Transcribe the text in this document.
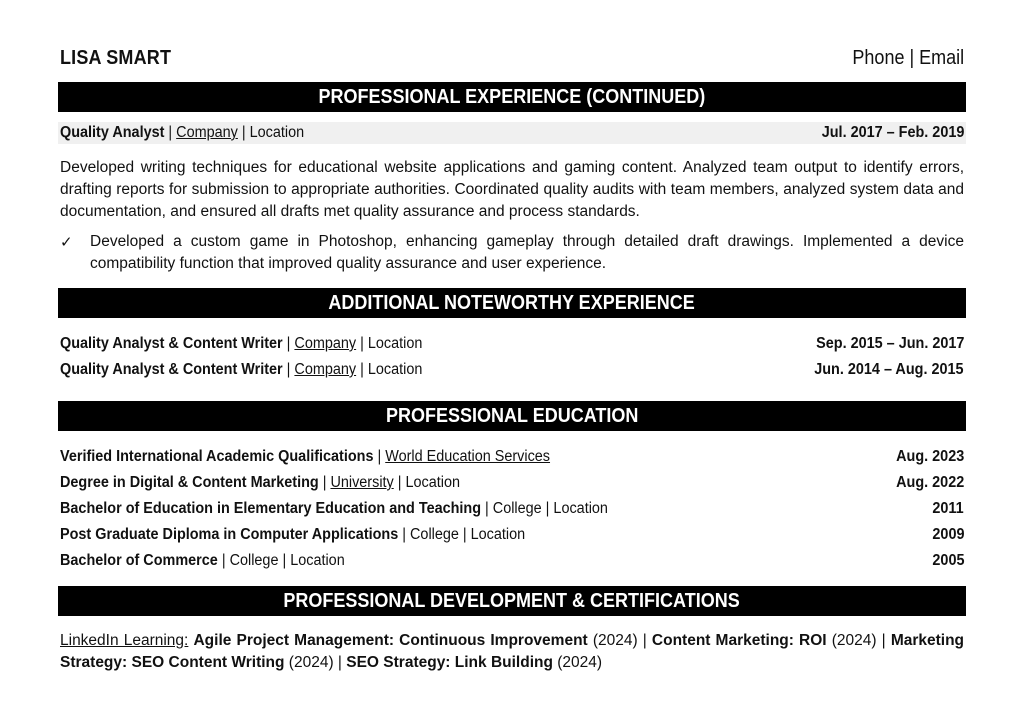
LISA SMART	Phone | Email
PROFESSIONAL EXPERIENCE (CONTINUED)
Quality Analyst | Company | Location	Jul. 2017 – Feb. 2019
Developed writing techniques for educational website applications and gaming content. Analyzed team output to identify errors, drafting reports for submission to appropriate authorities. Coordinated quality audits with team members, analyzed system data and documentation, and ensured all drafts met quality assurance and process standards.
✓ Developed a custom game in Photoshop, enhancing gameplay through detailed draft drawings. Implemented a device compatibility function that improved quality assurance and user experience.
ADDITIONAL NOTEWORTHY EXPERIENCE
Quality Analyst & Content Writer | Company | Location	Sep. 2015 – Jun. 2017
Quality Analyst & Content Writer | Company | Location	Jun. 2014 – Aug. 2015
PROFESSIONAL EDUCATION
Verified International Academic Qualifications | World Education Services	Aug. 2023
Degree in Digital & Content Marketing | University | Location	Aug. 2022
Bachelor of Education in Elementary Education and Teaching | College | Location	2011
Post Graduate Diploma in Computer Applications | College | Location	2009
Bachelor of Commerce | College | Location	2005
PROFESSIONAL DEVELOPMENT & CERTIFICATIONS
LinkedIn Learning: Agile Project Management: Continuous Improvement (2024) | Content Marketing: ROI (2024) | Marketing Strategy: SEO Content Writing (2024) | SEO Strategy: Link Building (2024)
